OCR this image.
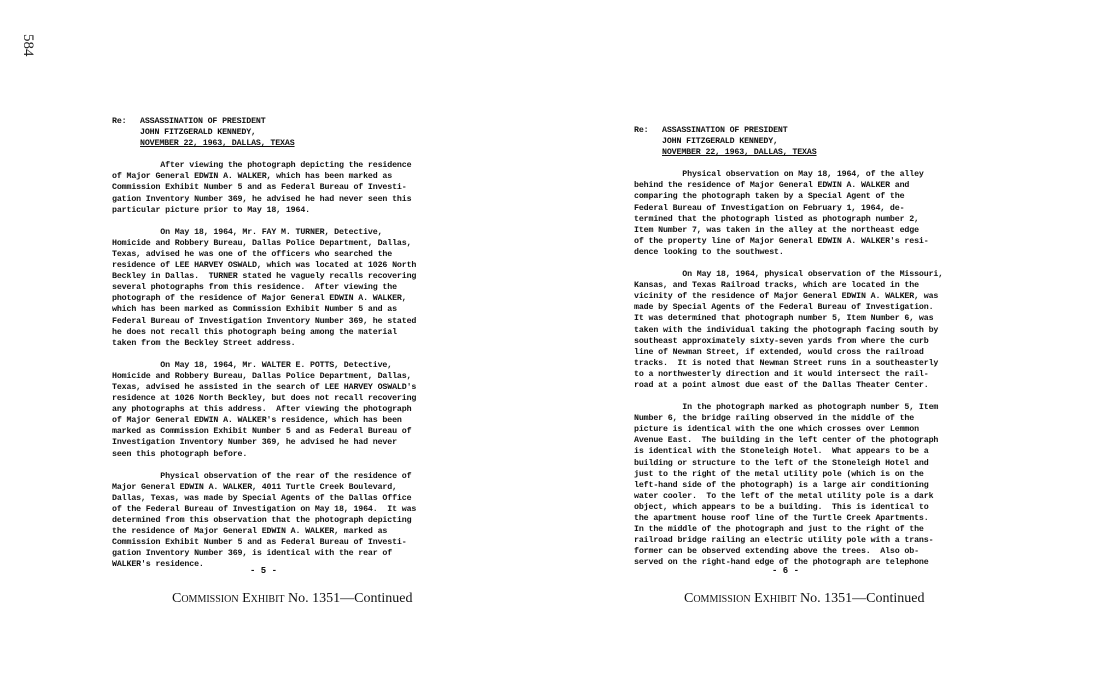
584
Re: ASSASSINATION OF PRESIDENT
JOHN FITZGERALD KENNEDY,
NOVEMBER 22, 1963, DALLAS, TEXAS

After viewing the photograph depicting the residence

of Major General EDWIN A. WALKER, which has been marked as

Commission Exhibit Number 5 and as Federal Bureau of Investi-

gation Inventory Number 369, he advised he had never seen this

particular picture prior to May 18, 1964.

On May 18, 1964, Mr. FAY M. TURNER, Detective,

Homicide and Robbery Bureau, Dallas Police Department, Dallas,

Texas, advised he was one of the officers who searched the

residence of LEE HARVEY OSWALD, which was located at 1026 North

Beckley in Dallas.  TURNER stated he vaguely recalls recovering

several photographs from this residence.  After viewing the

photograph of the residence of Major General EDWIN A. WALKER,

which has been marked as Commission Exhibit Number 5 and as

Federal Bureau of Investigation Inventory Number 369, he stated

he does not recall this photograph being among the material

taken from the Beckley Street address.

On May 18, 1964, Mr. WALTER E. POTTS, Detective,

Homicide and Robbery Bureau, Dallas Police Department, Dallas,

Texas, advised he assisted in the search of LEE HARVEY OSWALD's

residence at 1026 North Beckley, but does not recall recovering

any photographs at this address.  After viewing the photograph

of Major General EDWIN A. WALKER's residence, which has been

marked as Commission Exhibit Number 5 and as Federal Bureau of

Investigation Inventory Number 369, he advised he had never

seen this photograph before.

Physical observation of the rear of the residence of

Major General EDWIN A. WALKER, 4011 Turtle Creek Boulevard,

Dallas, Texas, was made by Special Agents of the Dallas Office

of the Federal Bureau of Investigation on May 18, 1964.  It was

determined from this observation that the photograph depicting

the residence of Major General EDWIN A. WALKER, marked as

Commission Exhibit Number 5 and as Federal Bureau of Investi-

gation Inventory Number 369, is identical with the rear of

WALKER's residence.

- 5 -
Commission Exhibit No. 1351—Continued
Re: ASSASSINATION OF PRESIDENT
JOHN FITZGERALD KENNEDY,
NOVEMBER 22, 1963, DALLAS, TEXAS

Physical observation on May 18, 1964, of the alley

behind the residence of Major General EDWIN A. WALKER and

comparing the photograph taken by a Special Agent of the

Federal Bureau of Investigation on February 1, 1964, de-

termined that the photograph listed as photograph number 2,

Item Number 7, was taken in the alley at the northeast edge

of the property line of Major General EDWIN A. WALKER's resi-

dence looking to the southwest.

On May 18, 1964, physical observation of the Missouri,

Kansas, and Texas Railroad tracks, which are located in the

vicinity of the residence of Major General EDWIN A. WALKER, was

made by Special Agents of the Federal Bureau of Investigation.

It was determined that photograph number 5, Item Number 6, was

taken with the individual taking the photograph facing south by

southeast approximately sixty-seven yards from where the curb

line of Newman Street, if extended, would cross the railroad

tracks.  It is noted that Newman Street runs in a southeasterly

to a northwesterly direction and it would intersect the rail-

road at a point almost due east of the Dallas Theater Center.

In the photograph marked as photograph number 5, Item

Number 6, the bridge railing observed in the middle of the

picture is identical with the one which crosses over Lemmon

Avenue East.  The building in the left center of the photograph

is identical with the Stoneleigh Hotel.  What appears to be a

building or structure to the left of the Stoneleigh Hotel and

just to the right of the metal utility pole (which is on the

left-hand side of the photograph) is a large air conditioning

water cooler.  To the left of the metal utility pole is a dark

object, which appears to be a building.  This is identical to

the apartment house roof line of the Turtle Creek Apartments.

In the middle of the photograph and just to the right of the

railroad bridge railing an electric utility pole with a trans-

former can be observed extending above the trees.  Also ob-

served on the right-hand edge of the photograph are telephone

- 6 -
Commission Exhibit No. 1351—Continued
